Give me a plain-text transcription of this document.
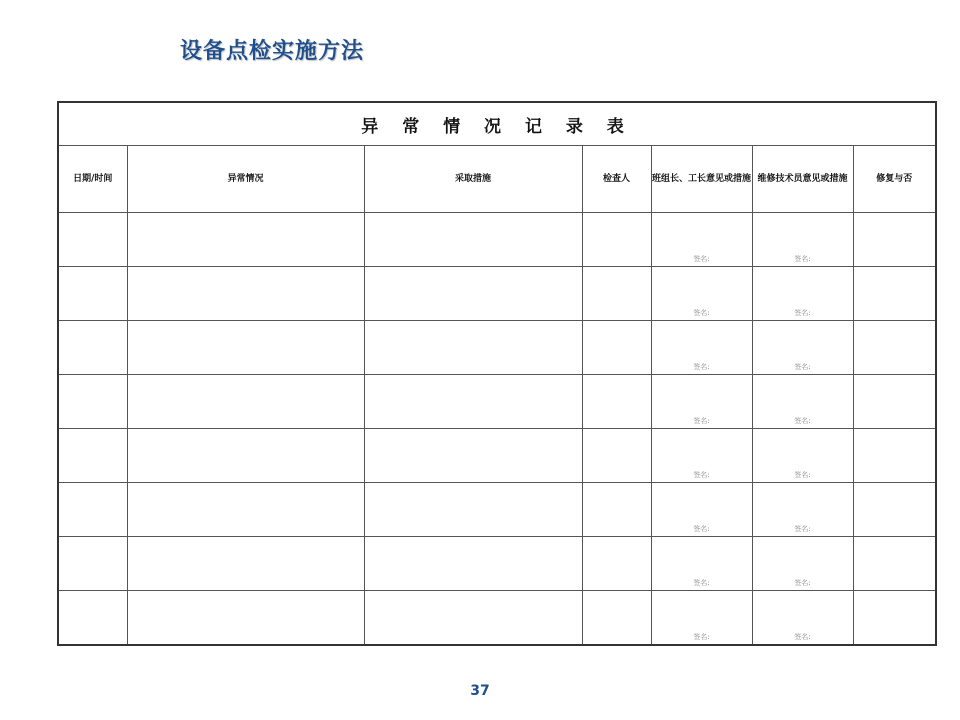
设备点检实施方法
异 常 情 况 记 录 表						
日期/时间	异常情况	采取措施	检查人	班组长、工长意见或措施	维修技术员意见或措施	修复与否

				签名:	签名:	

				签名:	签名:	

				签名:	签名:	

				签名:	签名:	

				签名:	签名:	

				签名:	签名:	

				签名:	签名:	

				签名:	签名:	

37
